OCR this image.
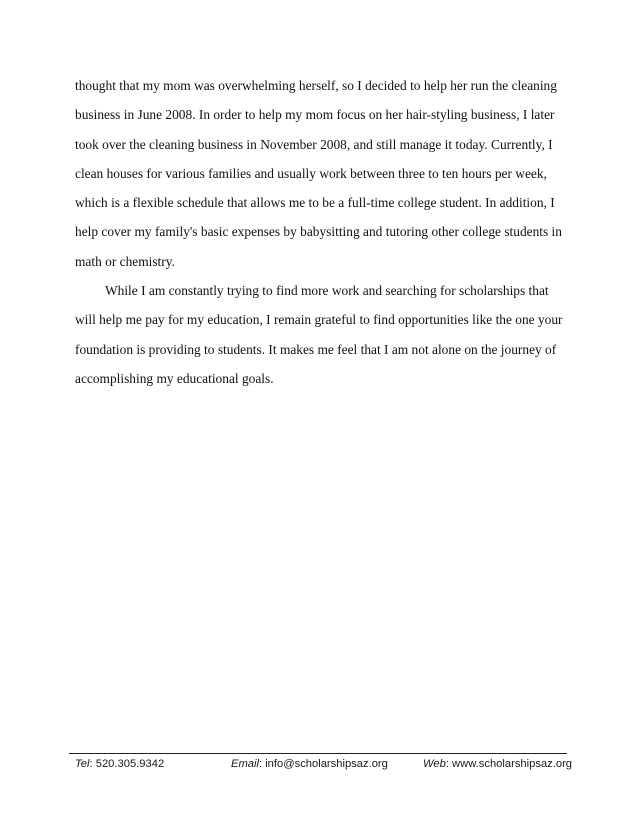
thought that my mom was overwhelming herself, so I decided to help her run the cleaning
business in June 2008. In order to help my mom focus on her hair-styling business, I later
took over the cleaning business in November 2008, and still manage it today. Currently, I
clean houses for various families and usually work between three to ten hours per week,
which is a flexible schedule that allows me to be a full-time college student. In addition, I
help cover my family's basic expenses by babysitting and tutoring other college students in
math or chemistry.
While I am constantly trying to find more work and searching for scholarships that
will help me pay for my education, I remain grateful to find opportunities like the one your
foundation is providing to students. It makes me feel that I am not alone on the journey of
accomplishing my educational goals.
Tel: 520.305.9342	Email: info@scholarshipsaz.org	Web: www.scholarshipsaz.org
